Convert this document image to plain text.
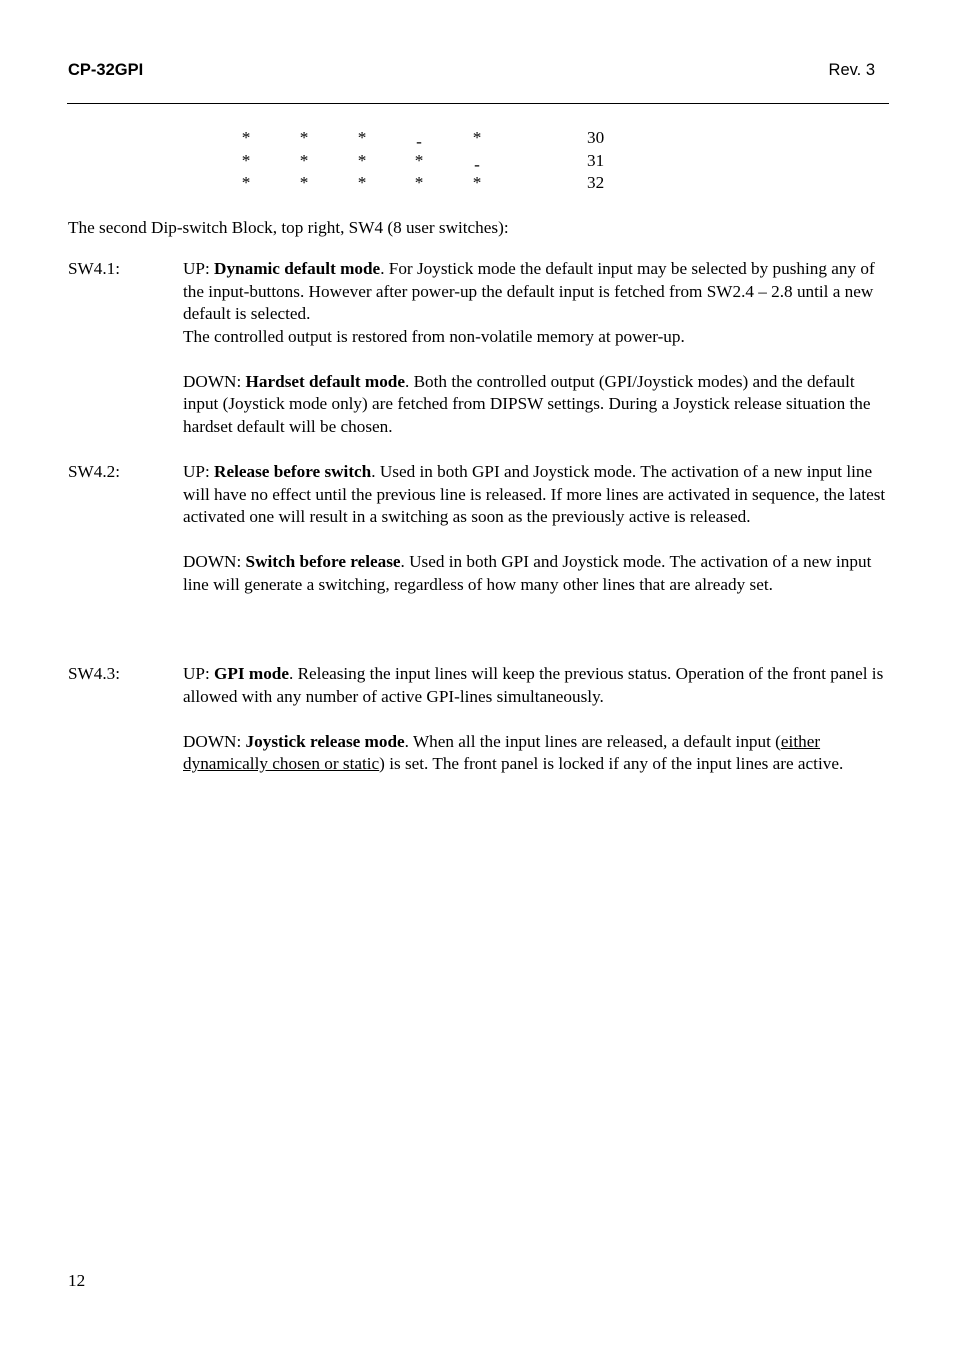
CP-32GPI	Rev. 3
*	*	*	-	*	30
*	*	*	*	-	31
*	*	*	*	*	32
The second Dip-switch Block, top right, SW4 (8 user switches):
SW4.1:	UP: Dynamic default mode. For Joystick mode the default input may be selected by pushing any of the input-buttons. However after power-up the default input is fetched from SW2.4 – 2.8 until a new default is selected.
The controlled output is restored from non-volatile memory at power-up.
DOWN: Hardset default mode. Both the controlled output (GPI/Joystick modes) and the default input (Joystick mode only) are fetched from DIPSW settings. During a Joystick release situation the hardset default will be chosen.
SW4.2:	UP: Release before switch. Used in both GPI and Joystick mode. The activation of a new input line will have no effect until the previous line is released. If more lines are activated in sequence, the latest activated one will result in a switching as soon as the previously active is released.
DOWN: Switch before release. Used in both GPI and Joystick mode. The activation of a new input line will generate a switching, regardless of how many other lines that are already set.
SW4.3:	UP: GPI mode. Releasing the input lines will keep the previous status. Operation of the front panel is allowed with any number of active GPI-lines simultaneously.
DOWN: Joystick release mode. When all the input lines are released, a default input (either dynamically chosen or static) is set. The front panel is locked if any of the input lines are active.
12
